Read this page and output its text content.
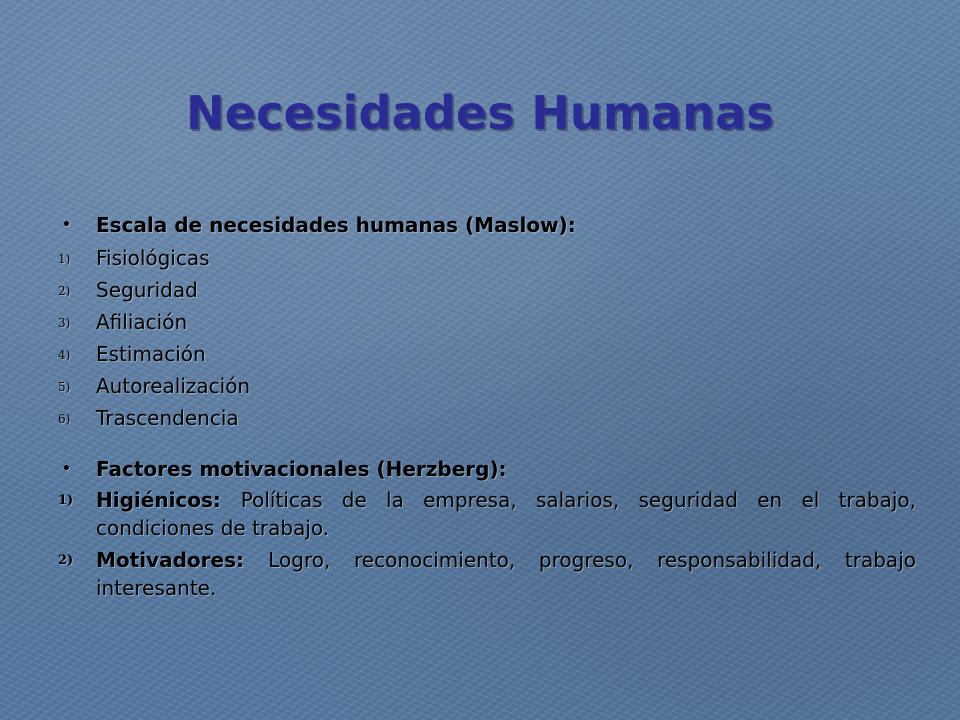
Necesidades Humanas
• Escala de necesidades humanas (Maslow):
1) Fisiológicas
2) Seguridad
3) Afiliación
4) Estimación
5) Autorealización
6) Trascendencia
• Factores motivacionales (Herzberg):
1) Higiénicos: Políticas de la empresa, salarios, seguridad en el trabajo, condiciones de trabajo.
2) Motivadores: Logro, reconocimiento, progreso, responsabilidad, trabajo interesante.
